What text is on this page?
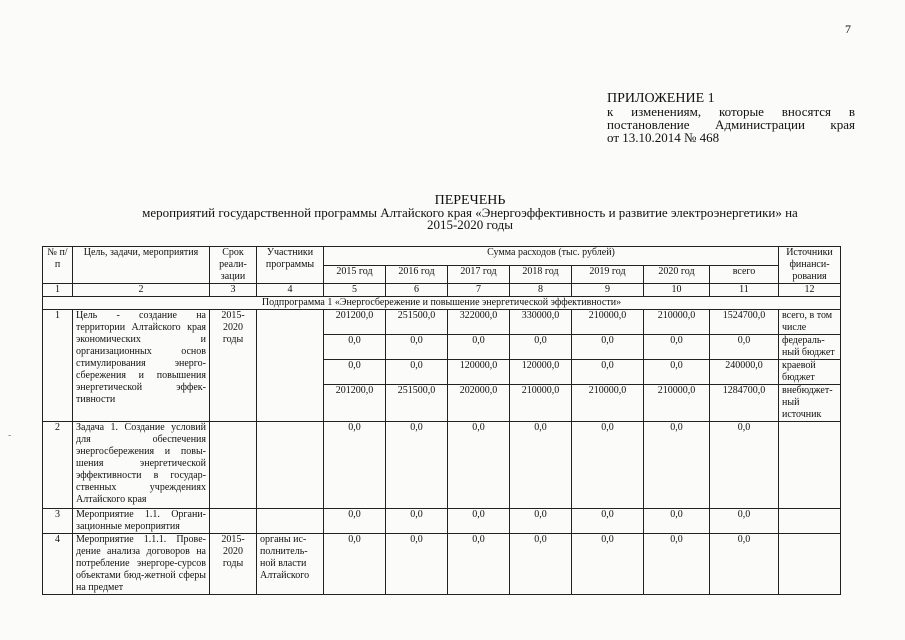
7
ПРИЛОЖЕНИЕ 1
к изменениям, которые вносятся в
постановление Администрации края
от 13.10.2014 № 468
ПЕРЕЧЕНЬ
мероприятий государственной программы Алтайского края «Энергоэффективность и развитие электроэнергетики» на
2015-2020 годы
№ п/п	Цель, задачи, мероприятия	Срок реали-зации	Участники программы	Сумма расходов (тыс. рублей)							Источники финанси-рования
				2015 год	2016 год	2017 год	2018 год	2019 год	2020 год	всего	
1	2	3	4	5	6	7	8	9	10	11	12
Подпрограмма 1 «Энергосбережение и повышение энергетической эффективности»											
1	Цель - создание на территории Алтайского края экономических и организационных основ стимулирования энерго-сбережения и повышения энергетической эффек-тивности	2015-2020 годы		201200,0	251500,0	322000,0	330000,0	210000,0	210000,0	1524700,0	всего, в том числе
				0,0	0,0	0,0	0,0	0,0	0,0	0,0	федераль-ный бюджет
				0,0	0,0	120000,0	120000,0	0,0	0,0	240000,0	краевой бюджет
				201200,0	251500,0	202000,0	210000,0	210000,0	210000,0	1284700,0	внебюджет-ный источник
2	Задача 1. Создание условий для обеспечения энергосбережения и повы-шения энергетической эффективности в государ-ственных учреждениях Алтайского края			0,0	0,0	0,0	0,0	0,0	0,0	0,0	
3	Мероприятие 1.1. Органи-зационные мероприятия			0,0	0,0	0,0	0,0	0,0	0,0	0,0	
4	Мероприятие 1.1.1. Прове-дение анализа договоров на потребление энергоре-сурсов объектами бюд-жетной сферы на предмет	2015-2020 годы	органы ис-полнитель-ной власти Алтайского	0,0	0,0	0,0	0,0	0,0	0,0	0,0	
-
